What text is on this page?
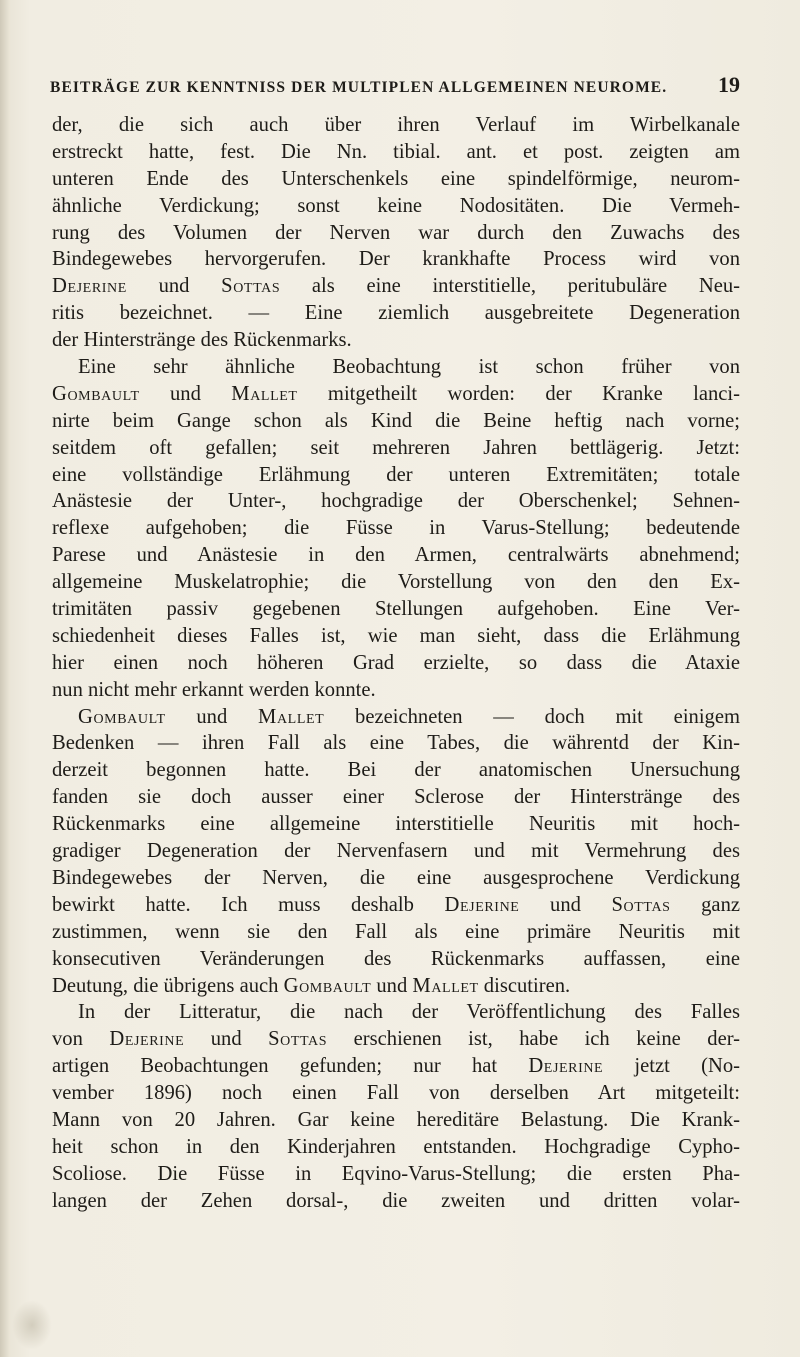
BEITRÄGE ZUR KENNTNISS DER MULTIPLEN ALLGEMEINEN NEUROME. 19
der, die sich auch über ihren Verlauf im Wirbelkanale
erstreckt hatte, fest. Die Nn. tibial. ant. et post. zeigten am
unteren Ende des Unterschenkels eine spindelförmige, neurom-
ähnliche Verdickung; sonst keine Nodositäten. Die Vermeh-
rung des Volumen der Nerven war durch den Zuwachs des
Bindegewebes hervorgerufen. Der krankhafte Process wird von
Dejerine und Sottas als eine interstitielle, peritubuläre Neu-
ritis bezeichnet. — Eine ziemlich ausgebreitete Degeneration
der Hinterstränge des Rückenmarks.
Eine sehr ähnliche Beobachtung ist schon früher von
Gombault und Mallet mitgetheilt worden: der Kranke lanci-
nirte beim Gange schon als Kind die Beine heftig nach vorne;
seitdem oft gefallen; seit mehreren Jahren bettlägerig. Jetzt:
eine vollständige Erlähmung der unteren Extremitäten; totale
Anästesie der Unter-, hochgradige der Oberschenkel; Sehnen-
reflexe aufgehoben; die Füsse in Varus-Stellung; bedeutende
Parese und Anästesie in den Armen, centralwärts abnehmend;
allgemeine Muskelatrophie; die Vorstellung von den den Ex-
trimitäten passiv gegebenen Stellungen aufgehoben. Eine Ver-
schiedenheit dieses Falles ist, wie man sieht, dass die Erlähmung
hier einen noch höheren Grad erzielte, so dass die Ataxie
nun nicht mehr erkannt werden konnte.
Gombault und Mallet bezeichneten — doch mit einigem
Bedenken — ihren Fall als eine Tabes, die währentd der Kin-
derzeit begonnen hatte. Bei der anatomischen Unersuchung
fanden sie doch ausser einer Sclerose der Hinterstränge des
Rückenmarks eine allgemeine interstitielle Neuritis mit hoch-
gradiger Degeneration der Nervenfasern und mit Vermehrung des
Bindegewebes der Nerven, die eine ausgesprochene Verdickung
bewirkt hatte. Ich muss deshalb Dejerine und Sottas ganz
zustimmen, wenn sie den Fall als eine primäre Neuritis mit
konsecutiven Veränderungen des Rückenmarks auffassen, eine
Deutung, die übrigens auch Gombault und Mallet discutiren.
In der Litteratur, die nach der Veröffentlichung des Falles
von Dejerine und Sottas erschienen ist, habe ich keine der-
artigen Beobachtungen gefunden; nur hat Dejerine jetzt (No-
vember 1896) noch einen Fall von derselben Art mitgeteilt:
Mann von 20 Jahren. Gar keine hereditäre Belastung. Die Krank-
heit schon in den Kinderjahren entstanden. Hochgradige Cypho-
Scoliose. Die Füsse in Eqvino-Varus-Stellung; die ersten Pha-
langen der Zehen dorsal-, die zweiten und dritten volar-
